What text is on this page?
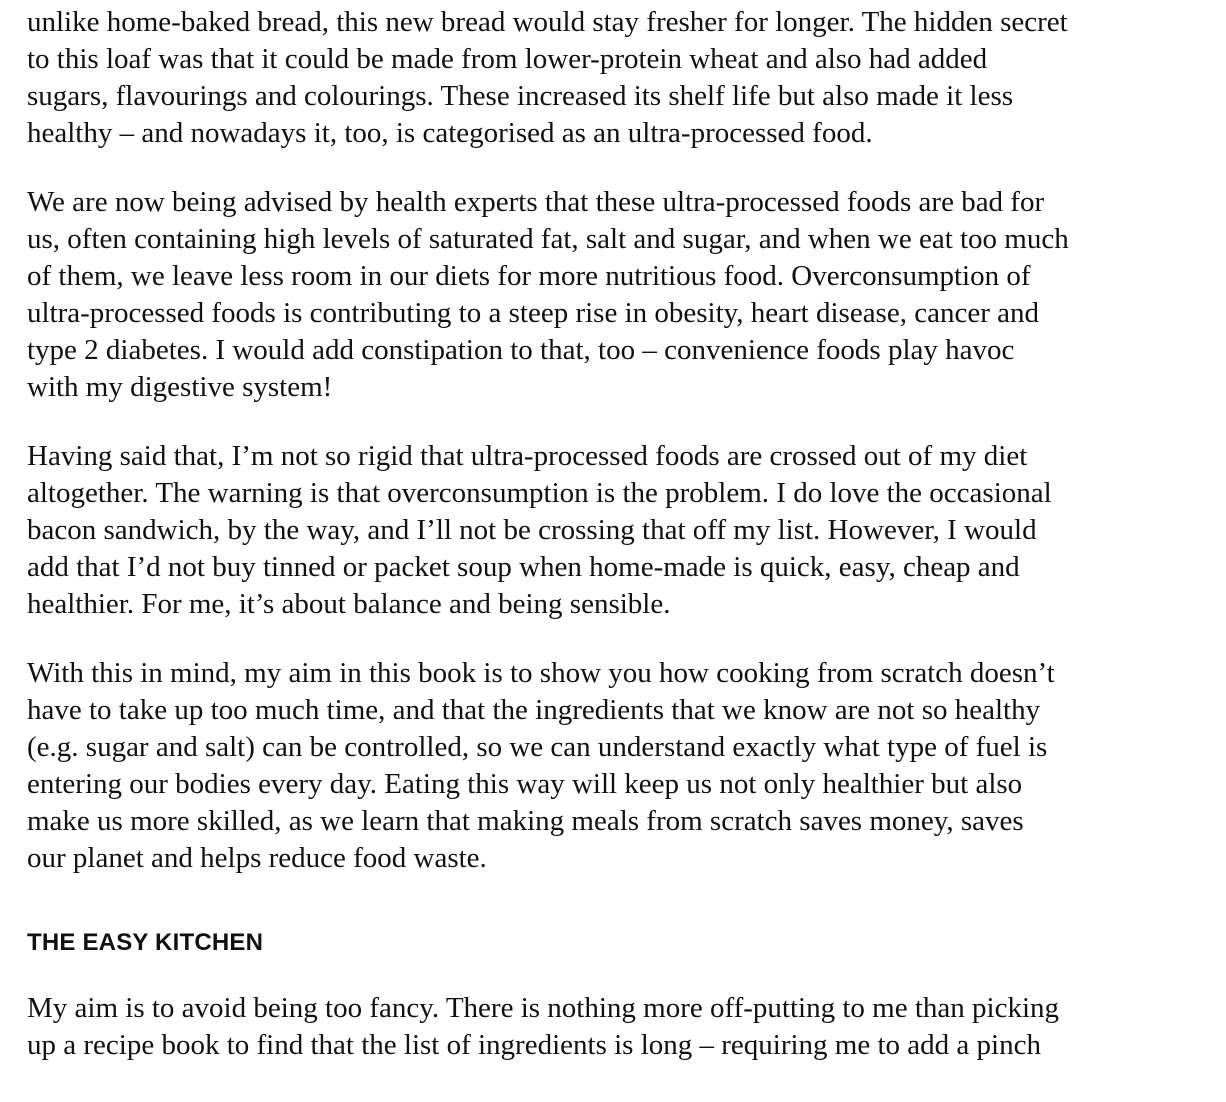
unlike home-baked bread, this new bread would stay fresher for longer. The hidden secret
to this loaf was that it could be made from lower-protein wheat and also had added
sugars, flavourings and colourings. These increased its shelf life but also made it less
healthy – and nowadays it, too, is categorised as an ultra-processed food.

We are now being advised by health experts that these ultra-processed foods are bad for
us, often containing high levels of saturated fat, salt and sugar, and when we eat too much
of them, we leave less room in our diets for more nutritious food. Overconsumption of
ultra-processed foods is contributing to a steep rise in obesity, heart disease, cancer and
type 2 diabetes. I would add constipation to that, too – convenience foods play havoc
with my digestive system!

Having said that, I’m not so rigid that ultra-processed foods are crossed out of my diet
altogether. The warning is that overconsumption is the problem. I do love the occasional
bacon sandwich, by the way, and I’ll not be crossing that off my list. However, I would
add that I’d not buy tinned or packet soup when home-made is quick, easy, cheap and
healthier. For me, it’s about balance and being sensible.

With this in mind, my aim in this book is to show you how cooking from scratch doesn’t
have to take up too much time, and that the ingredients that we know are not so healthy
(e.g. sugar and salt) can be controlled, so we can understand exactly what type of fuel is
entering our bodies every day. Eating this way will keep us not only healthier but also
make us more skilled, as we learn that making meals from scratch saves money, saves
our planet and helps reduce food waste.

THE EASY KITCHEN

My aim is to avoid being too fancy. There is nothing more off-putting to me than picking
up a recipe book to find that the list of ingredients is long – requiring me to add a pinch
